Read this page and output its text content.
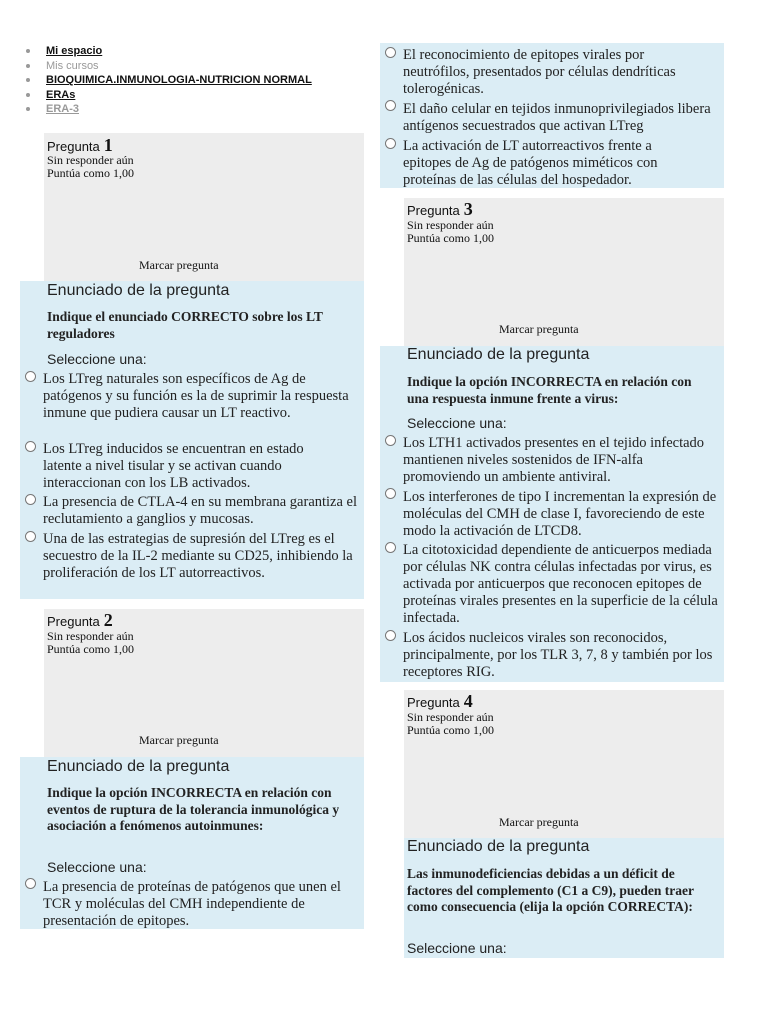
Mi espacio
Mis cursos
BIOQUIMICA.INMUNOLOGIA-NUTRICION NORMAL
ERAs
ERA-3
Pregunta 1
Sin responder aún
Puntúa como 1,00
Marcar pregunta
Enunciado de la pregunta
Indique el enunciado CORRECTO sobre los LT reguladores
Seleccione una:
Los LTreg naturales son específicos de Ag de patógenos y su función es la de suprimir la respuesta inmune que pudiera causar un LT reactivo.
Los LTreg inducidos se encuentran en estado latente a nivel tisular y se activan cuando interaccionan con los LB activados.
La presencia de CTLA-4 en su membrana garantiza el reclutamiento a ganglios y mucosas.
Una de las estrategias de supresión del LTreg es el secuestro de la IL-2 mediante su CD25, inhibiendo la proliferación de los LT autorreactivos.
Pregunta 2
Sin responder aún
Puntúa como 1,00
Marcar pregunta
Enunciado de la pregunta
Indique la opción INCORRECTA en relación con eventos de ruptura de la tolerancia inmunológica y asociación a fenómenos autoinmunes:
Seleccione una:
La presencia de proteínas de patógenos que unen el TCR y moléculas del CMH independiente de presentación de epitopes.
El reconocimiento de epitopes virales por neutrófilos, presentados por células dendríticas tolerogénicas.
El daño celular en tejidos inmunoprivilegiados libera antígenos secuestrados que activan LTreg
La activación de LT autorreactivos frente a epitopes de Ag de patógenos miméticos con proteínas de las células del hospedador.
Pregunta 3
Sin responder aún
Puntúa como 1,00
Marcar pregunta
Enunciado de la pregunta
Indique la opción INCORRECTA en relación con una respuesta inmune frente a virus:
Seleccione una:
Los LTH1 activados presentes en el tejido infectado mantienen niveles sostenidos de IFN-alfa promoviendo un ambiente antiviral.
Los interferones de tipo I incrementan la expresión de moléculas del CMH de clase I, favoreciendo de este modo la activación de LTCD8.
La citotoxicidad dependiente de anticuerpos mediada por células NK contra células infectadas por virus, es activada por anticuerpos que reconocen epitopes de proteínas virales presentes en la superficie de la célula infectada.
Los ácidos nucleicos virales son reconocidos, principalmente, por los TLR 3, 7, 8 y también por los receptores RIG.
Pregunta 4
Sin responder aún
Puntúa como 1,00
Marcar pregunta
Enunciado de la pregunta
Las inmunodeficiencias debidas a un déficit de factores del complemento (C1 a C9), pueden traer como consecuencia (elija la opción CORRECTA):
Seleccione una:
